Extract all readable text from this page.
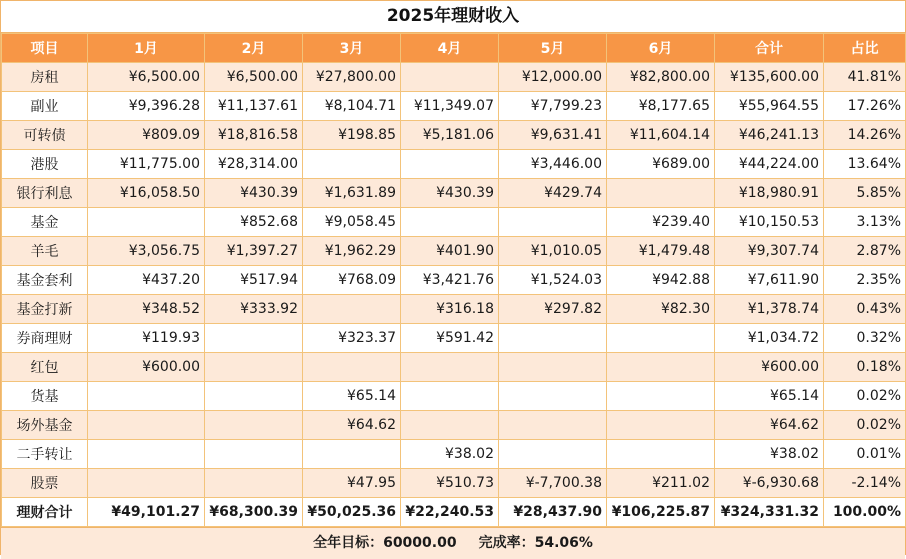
2025年理财收入
项目	1月	2月	3月	4月	5月	6月	合计	占比
房租	¥6,500.00	¥6,500.00	¥27,800.00		¥12,000.00	¥82,800.00	¥135,600.00	41.81%
副业	¥9,396.28	¥11,137.61	¥8,104.71	¥11,349.07	¥7,799.23	¥8,177.65	¥55,964.55	17.26%
可转债	¥809.09	¥18,816.58	¥198.85	¥5,181.06	¥9,631.41	¥11,604.14	¥46,241.13	14.26%
港股	¥11,775.00	¥28,314.00			¥3,446.00	¥689.00	¥44,224.00	13.64%
银行利息	¥16,058.50	¥430.39	¥1,631.89	¥430.39	¥429.74		¥18,980.91	5.85%
基金		¥852.68	¥9,058.45			¥239.40	¥10,150.53	3.13%
羊毛	¥3,056.75	¥1,397.27	¥1,962.29	¥401.90	¥1,010.05	¥1,479.48	¥9,307.74	2.87%
基金套利	¥437.20	¥517.94	¥768.09	¥3,421.76	¥1,524.03	¥942.88	¥7,611.90	2.35%
基金打新	¥348.52	¥333.92		¥316.18	¥297.82	¥82.30	¥1,378.74	0.43%
券商理财	¥119.93		¥323.37	¥591.42			¥1,034.72	0.32%
红包	¥600.00						¥600.00	0.18%
货基			¥65.14				¥65.14	0.02%
场外基金			¥64.62				¥64.62	0.02%
二手转让				¥38.02			¥38.02	0.01%
股票			¥47.95	¥510.73	¥-7,700.38	¥211.02	¥-6,930.68	-2.14%
理财合计	¥49,101.27	¥68,300.39	¥50,025.36	¥22,240.53	¥28,437.90	¥106,225.87	¥324,331.32	100.00%
全年目标：60000.00 完成率：54.06%
